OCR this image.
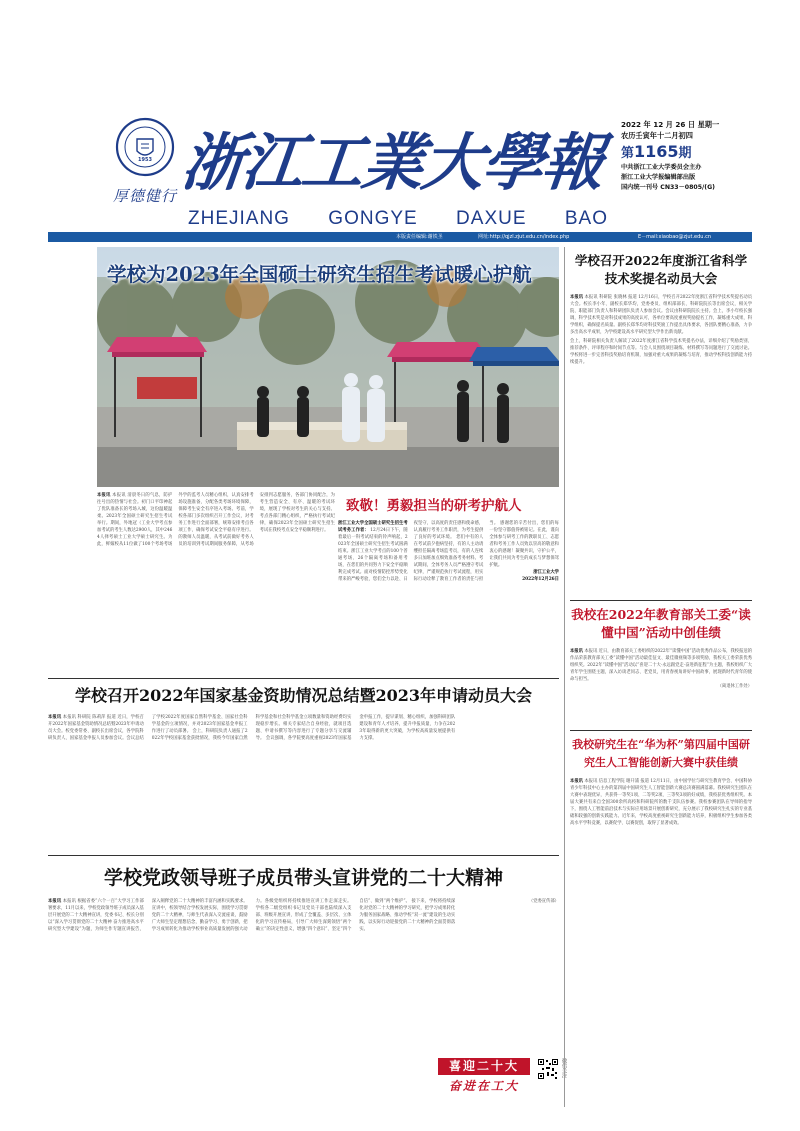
1953
厚德健行 浙江工業大學報
ZHEJIANG GONGYE DAXUE BAO
2022 年 12 月 26 日 星期一
农历壬寅年十二月初四
第1165期
中共浙江工业大学委员会主办
浙江工业大学报编辑部出版
国内统一刊号 CN33－0805/(G)
本版责任编辑:谢铁圣	网址:http://qjzl.zjut.edu.cn/index.php	E－mail:xiaobao@zjut.edu.cn
学校为2023年全国硕士研究生招生考试暖心护航
本报讯 本报讯 清晨冬日的气息，防护往号出的热情与社会。初门口平印神起了优队准备长的考场入城，这份温暖温柔。2023年全国硕士研究生招生考试举行。期间，外地冠（工业大学考点参加考试的考生人数达2900人，其中2464人择考硕士工业大学硕士研究生。为此，鲜嫁校从11位做了100个考场考场外学的监考人员精心组织，认真安排考场设施准备，分配各类考场环境保障，保障考生安全有序进入考场。考前，学校各部门多次组织召开工作会议，对考务工作进行全面部署，统筹安排考点各项工作，确保考试安全平稳有序进行。 的教师人员温暖，从考试前做好考务人员的培训到考试期间服务保障，从考场安排到志愿服务，各部门协同配合，为考生营造安全、有序、温暖的考试环境，展现了学校对考生的关心与支持。考点各部门精心组织，严格执行考试纪律，确保2023年全国硕士研究生招生考试在我校考点安全平稳顺利进行。
致敬！勇毅担当的研考护航人
浙江工业大学全国硕士研究生招生考试考务工作者： 12月24日下午，随着最后一科考试结束的铃声响起，2023年全国硕士研究生招生考试圆满结束。浙江工业大学考点的100个普通考场、26个隔离考场和备用考场，在您们的共同努力下安全平稳顺利完成考试。面对疫情防控形势变化带来的严峻考验，您们全力以赴、日夜坚守，以高度的责任感和使命感，认真履行考务工作职责，为考生提供了良好的考试环境。 您们中有的人在考试前夕抱病坚持，有的人主动请缨担任隔离考场监考员，有的人连续多日加班加点细致准备考务材料。考试期间，全体考务人员严格遵守考试纪律，严谨规范执行考试流程，用实际行动诠释了教育工作者的责任与担当。 感谢您的辛苦付出，您们的每一份坚守都值得被铭记。在此，谨向全体参与研考工作的教职员工、志愿者和考务工作人员致以崇高的敬意和衷心的感谢！凝聚共识，守护公平，让我们共同为考生的成长与梦想保驾护航。
浙江工业大学
2022年12月26日
学校召开2022年国家基金资助情况总结暨2023年申请动员大会
本报讯 本报讯 科研院 陈莉萍 报道 近日，学校召开2022年国家基金资助情况总结暨2023年申请动员大会。校党委常委、副校长出席会议，各学院科研负责人、国家基金申报人员参加会议。会议总结了学校2022年度国家自然科学基金、国家社会科学基金的立项情况，并对2023年国家基金申报工作进行了动员部署。 会上，科研院负责人通报了2022年学校国家基金获批情况，我校今年国家自然科学基金和社会科学基金立项数量和资助经费均实现稳步增长。相关专家结合自身经验，就项目选题、申请书撰写等内容进行了专题分享与交流辅导。 会议强调，各学院要高度重视2023年国家基金申报工作，提早谋划、精心组织，加强科研团队建设和青年人才培养，提升申报质量，力争在2023年取得新的更大突破，为学校高质量发展提供有力支撑。
学校党政领导班子成员带头宣讲党的二十大精神
本报讯 本报讯 根据省委“六个一百”大学习工作部署要求，11月以来，学校党政领导班子成员深入基层开展党的二十大精神宣讲，党委书记、校长分别以“深入学习贯彻党的二十大精神 奋力推进高水平研究型大学建设”为题，为师生作专题宣讲报告，深入阐释党的二十大精神的丰富内涵和实践要求。 宣讲中，校领导结合学校发展实际，围绕学习贯彻党的二十大精神，与师生代表深入交流座谈，鼓励广大师生坚定理想信念，勤奋学习、勇于创新，把学习成果转化为推动学校事业高质量发展的强大动力。各级党组织将持续推进宣讲工作走深走实。 学校各二级党组织书记及党员干部也陆续深入支部、班级开展宣讲，形成了全覆盖、多层次、立体化的学习宣传格局，引导广大师生深刻领悟“两个确立”的决定性意义，增强“四个意识”、坚定“四个自信”、做到“两个维护”。 接下来，学校将持续深化对党的二十大精神的学习研究，把学习成果转化为服务国家战略、推动学校“双一流”建设的生动实践，以实际行动迎接党的二十大精神的全面贯彻落实。
（党委宣传部）
喜迎二十大
奋进在工大
学校召开2022年度浙江省科学技术奖提名动员大会
本报讯 本报讯 科研院 张晓林 报道 12月16日，学校召开2022年度浙江省科学技术奖提名动员大会。校长李小年、副校长郑华均，党委委员、组织部部长、科研院院长等出席会议，相关学院、职能部门负责人和科研团队负责人参加会议。会议由科研院院长主持。会上，李小年校长强调，科学技术奖是对科技成果的高度认可，各单位要高度重视奖励提名工作，凝练重大成果，科学组织，确保提名质量。副校长郑华均对科技奖励工作提出具体要求，各团队要精心准备，力争多出高水平成果，为学校建设高水平研究型大学作出新贡献。
会上，科研院相关负责人解读了2022年度浙江省科学技术奖提名办法，详细介绍了奖励类别、推荐条件、评审程序和时间节点等。与会人员围绕项目凝练、材料撰写等问题进行了交流讨论。学校将进一步完善科技奖励培育机制，加强对重大成果的凝练与培育，推动学校科技创新能力持续提升。
我校在2022年教育部关工委“读懂中国”活动中创佳绩
本报讯 本报讯 近日，由教育部关工委组织的2022年“读懂中国”活动优秀作品公布，我校报送的作品荣获教育部关工委“读懂中国”活动最佳征文、最佳微视频等多项奖励，我校关工委荣获优秀组织奖。2022年“读懂中国”活动以“喜迎二十大·永远跟党走·奋进新征程”为主题，我校组织广大青年学生围绕主题，深入访谈老同志、老党员，用青春视角讲好中国故事，展现新时代青年的使命与担当。
（离退休工作处）
我校研究生在“华为杯”第四届中国研究生人工智能创新大赛中获佳绩
本报讯 本报讯 信息工程学院 谢开浦 报道 12月11日，由中国学位与研究生教育学会、中国科协青少年科技中心主办的第四届中国研究生人工智能创新大赛总决赛圆满落幕。我校研究生团队在大赛中表现优异，共获得一等奖1项、二等奖2项、三等奖3项的好成绩，我校获优秀组织奖。本届大赛共有来自全国300余所高校和科研院所的数千支队伍参赛。我校参赛团队在导师的指导下，围绕人工智能前沿技术与实际应用场景开展创新研究，充分展示了我校研究生扎实的专业基础和较强的创新实践能力。近年来，学校高度重视研究生创新能力培养，积极组织学生参加各类高水平学科竞赛，以赛促学、以赛促创，取得了显著成效。
